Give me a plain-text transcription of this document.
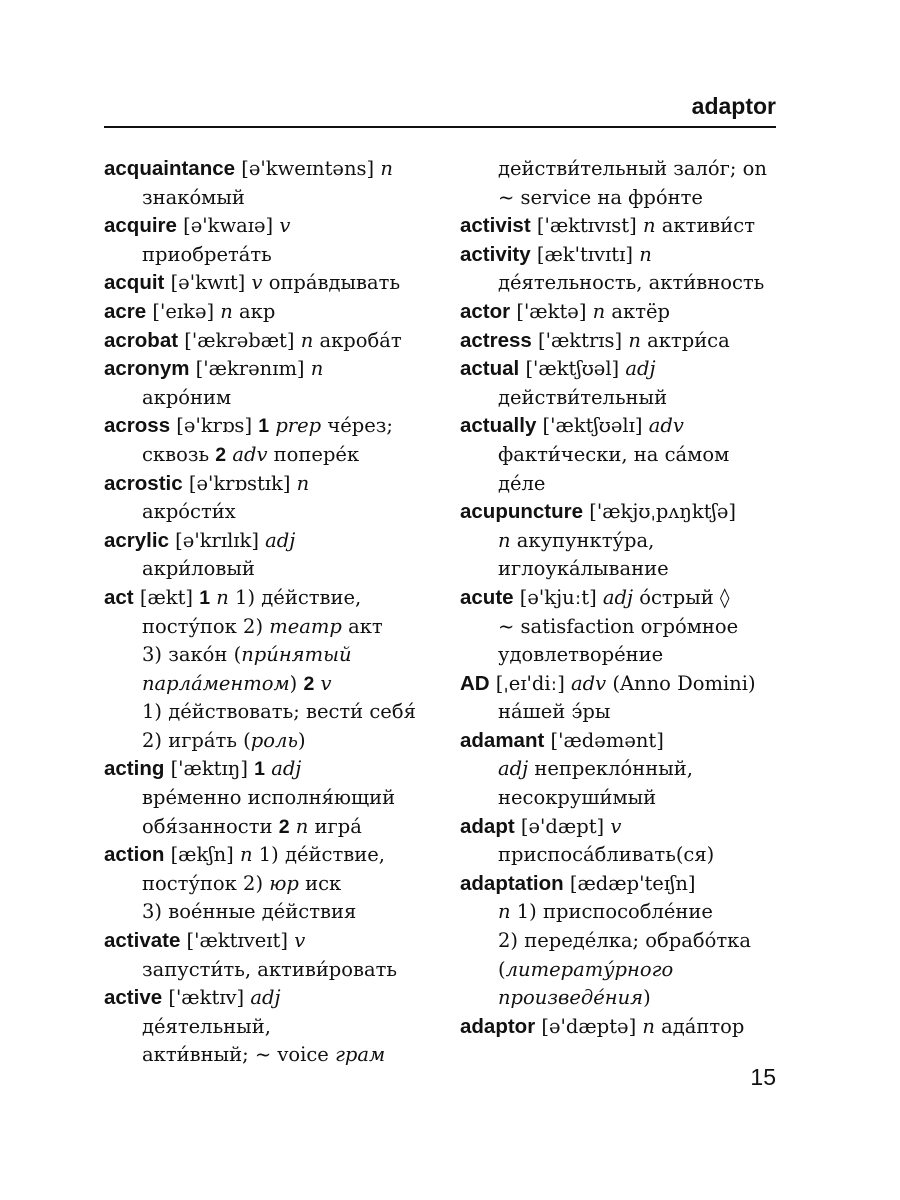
adaptor
acquaintance [ə'kweɪntəns] n
знако́мый
acquire [ə'kwaɪə] v
приобрета́ть
acquit [ə'kwɪt] v опра́вдывать
acre ['eɪkə] n акр
acrobat ['ækrəbæt] n акроба́т
acronym ['ækrənɪm] n
акро́ним
across [ə'krɒs] 1 prep че́рез;
сквозь 2 adv попере́к
acrostic [ə'krɒstɪk] n
акро́сти́х
acrylic [ə'krɪlɪk] adj
акри́ловый
act [ækt] 1 n 1) де́йствие,
посту́пок 2) театр акт
3) зако́н (при́нятый
парла́ментом) 2 v
1) де́йствовать; вести́ себя́
2) игра́ть (роль)
acting ['æktɪŋ] 1 adj
вре́менно исполня́ющий
обя́занности 2 n игра́
action [ækʃn] n 1) де́йствие,
посту́пок 2) юр иск
3) вое́нные де́йствия
activate ['æktɪveɪt] v
запусти́ть, активи́ровать
active ['æktɪv] adj
де́ятельный,
акти́вный; ~ voice грам
действи́тельный зало́г; on
~ service на фро́нте
activist ['æktɪvɪst] n активи́ст
activity [æk'tɪvɪtɪ] n
де́ятельность, акти́вность
actor ['æktə] n актёр
actress ['æktrɪs] n актри́са
actual ['æktʃʊəl] adj
действи́тельный
actually ['æktʃʊəlɪ] adv
факти́чески, на са́мом
де́ле
acupuncture ['ækjʊˌpʌŋktʃə]
n акупункту́ра,
иглоука́лывание
acute [ə'kjuːt] adj о́стрый ◊
~ satisfaction огро́мное
удовлетворе́ние
AD [ˌeɪ'diː] adv (Anno Domini)
на́шей э́ры
adamant ['ædəmənt]
adj непреклóнный,
несокруши́мый
adapt [ə'dæpt] v
приспоса́бливать(ся)
adaptation [ædæp'teɪʃn]
n 1) приспособле́ние
2) переде́лка; обрабо́тка
(литерату́рного
произведе́ния)
adaptor [ə'dæptə] n ада́птор
15
